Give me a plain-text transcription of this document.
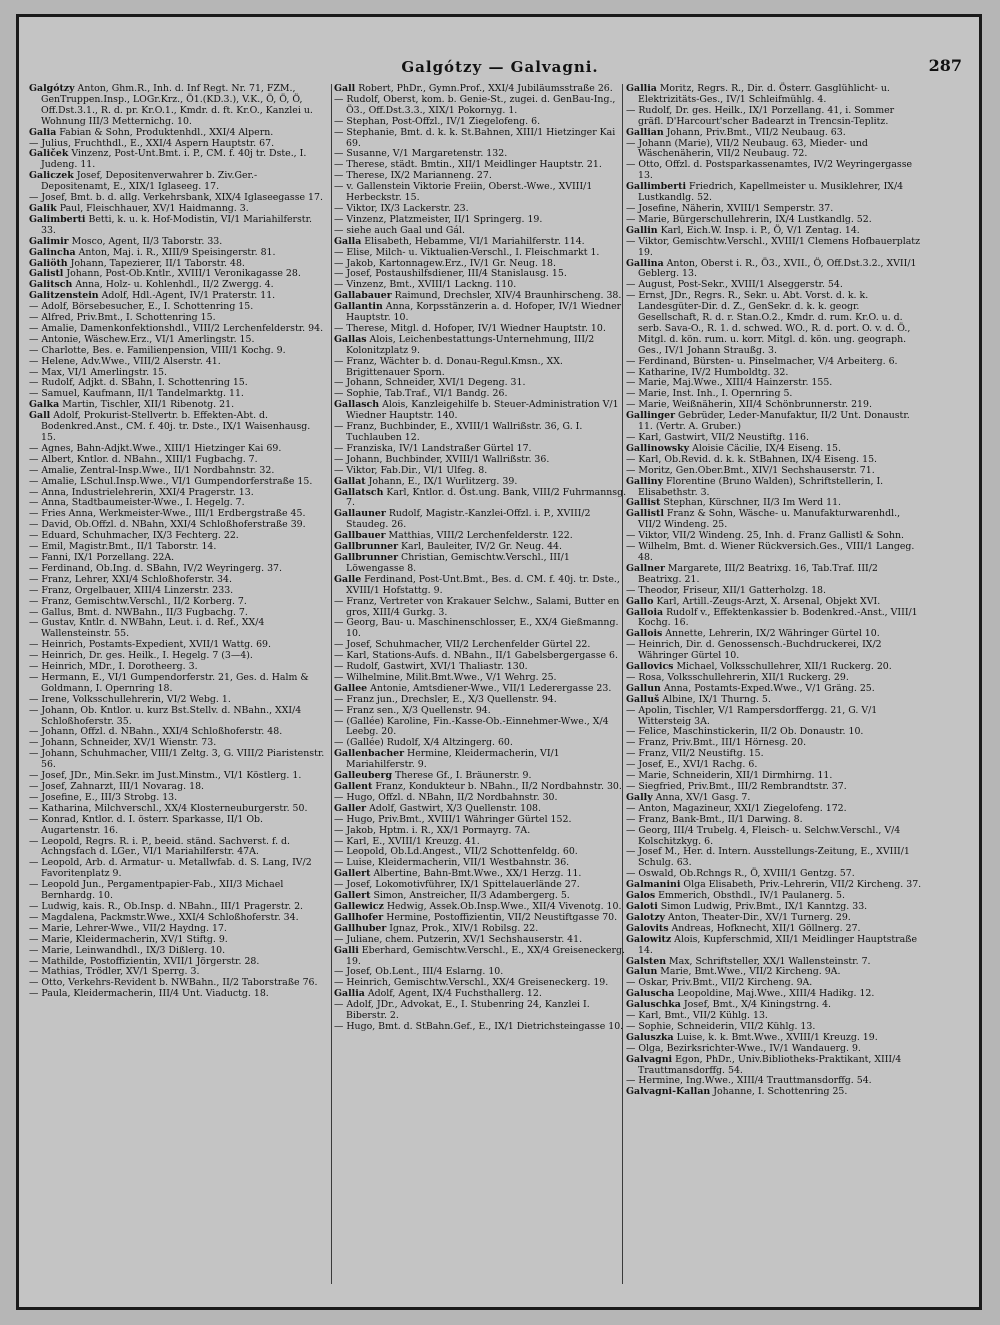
Galgótzy — Galvagni.	287

Galgótzy Anton, Ghm.R., Inh. d. Inf Regt. Nr. 71, FZM., GenTruppen.Insp., LOGr.Krz., Ö1.(KD.3.), V.K., Ö, Ö, Ö, Off.Dst.3.1., R. d. pr. Kr.O.1., Kmdr. d. ft. Kr.O., Kanzlei u. Wohnung III/3 Metternichg. 10.

Galia Fabian & Sohn, Produktenhdl., XXI/4 Alpern.

— Julius, Fruchthdl., E., XXI/4 Aspern Hauptstr. 67.

Galiček Vinzenz, Post-Unt.Bmt. i. P., CM. f. 40j tr. Dste., I. Judeng. 11.

Galiczek Josef, Depositenverwahrer b. Ziv.Ger.-Depositenamt, E., XIX/1 Iglaseeg. 17.

— Josef, Bmt. b. d. allg. Verkehrsbank, XIX/4 Iglaseegasse 17.

Galik Paul, Fleischhauer, XV/1 Haidmanng. 3.

Galimberti Betti, k. u. k. Hof-Modistin, VI/1 Mariahilferstr. 33.

Galimir Mosco, Agent, II/3 Taborstr. 33.

Galincha Anton, Maj. i. R., XIII/9 Speisingerstr. 81.

Galiöth Johann, Tapezierer, II/1 Taborstr. 48.

Galistl Johann, Post-Ob.Kntlr., XVIII/1 Veronikagasse 28.

Galitsch Anna, Holz- u. Kohlenhdl., II/2 Zwergg. 4.

Galitzenstein Adolf, Hdl.-Agent, IV/1 Praterstr. 11.

— Adolf, Börsebesucher, E., I. Schottenring 15.

— Alfred, Priv.Bmt., I. Schottenring 15.

— Amalie, Damenkonfektionshdl., VIII/2 Lerchenfelderstr. 94.

— Antonie, Wäschew.Erz., VI/1 Amerlingstr. 15.

— Charlotte, Bes. e. Familienpension, VIII/1 Kochg. 9.

— Helene, Adv.Wwe., VIII/2 Alserstr. 41.

— Max, VI/1 Amerlingstr. 15.

— Rudolf, Adjkt. d. SBahn, I. Schottenring 15.

— Samuel, Kaufmann, II/1 Tandelmarktg. 11.

Galka Martin, Tischler, XII/1 Ribenotg. 21.

Gall Adolf, Prokurist-Stellvertr. b. Effekten-Abt. d. Bodenkred.Anst., CM. f. 40j. tr. Dste., IX/1 Waisenhausg. 15.

— Agnes, Bahn-Adjkt.Wwe., XIII/1 Hietzinger Kai 69.

— Albert, Kntlor. d. NBahn., XIII/1 Fugbachg. 7.

— Amalie, Zentral-Insp.Wwe., II/1 Nordbahnstr. 32.

— Amalie, LSchul.Insp.Wwe., VI/1 Gumpendorferstraße 15.

— Anna, Industrielehrerin, XXI/4 Pragerstr. 13.

— Anna, Stadtbaumeister-Wwe., I. Hegelg. 7.

— Fries Anna, Werkmeister-Wwe., III/1 Erdbergstraße 45.

— David, Ob.Offzl. d. NBahn, XXI/4 Schloßhoferstraße 39.

— Eduard, Schuhmacher, IX/3 Fechterg. 22.

— Emil, Magistr.Bmt., II/1 Taborstr. 14.

— Fanni, IX/1 Porzellang. 22A.

— Ferdinand, Ob.Ing. d. SBahn, IV/2 Weyringerg. 37.

— Franz, Lehrer, XXI/4 Schloßhoferstr. 34.

— Franz, Orgelbauer, XIII/4 Linzerstr. 233.

— Franz, Gemischtw.Verschl., II/2 Korberg. 7.

— Gallus, Bmt. d. NWBahn., II/3 Fugbachg. 7.

— Gustav, Kntlr. d. NWBahn, Leut. i. d. Ref., XX/4 Wallensteinstr. 55.

— Heinrich, Postamts-Expedient, XVII/1 Wattg. 69.

— Heinrich, Dr. ges. Heilk., I. Hegelg. 7 (3—4).

— Heinrich, MDr., I. Dorotheerg. 3.

— Hermann, E., VI/1 Gumpendorferstr. 21, Ges. d. Halm & Goldmann, I. Opernring 18.

— Irene, Volksschullehrerin, VI/2 Webg. 1.

— Johann, Ob. Kntlor. u. kurz Bst.Stellv. d. NBahn., XXI/4 Schloßhoferstr. 35.

— Johann, Offzl. d. NBahn., XXI/4 Schloßhoferstr. 48.

— Johann, Schneider, XV/1 Wienstr. 73.

— Johann, Schuhmacher, VIII/1 Zeltg. 3, G. VIII/2 Piaristenstr. 56.

— Josef, JDr., Min.Sekr. im Just.Minstm., VI/1 Köstlerg. 1.

— Josef, Zahnarzt, III/1 Novarag. 18.

— Josefine, E., III/3 Strobg. 13.

— Katharina, Milchverschl., XX/4 Klosterneuburgerstr. 50.

— Konrad, Kntlor. d. I. österr. Sparkasse, II/1 Ob. Augartenstr. 16.

— Leopold, Regrs. R. i. P., beeid. ständ. Sachverst. f. d. Achngsfach d. LGer., VI/1 Mariahilferstr. 47A.

— Leopold, Arb. d. Armatur- u. Metallwfab. d. S. Lang, IV/2 Favoritenplatz 9.

— Leopold Jun., Pergamentpapier-Fab., XII/3 Michael Bernhardg. 10.

— Ludwig, kais. R., Ob.Insp. d. NBahn., III/1 Pragerstr. 2.

— Magdalena, Packmstr.Wwe., XXI/4 Schloßhoferstr. 34.

— Marie, Lehrer-Wwe., VII/2 Haydng. 17.

— Marie, Kleidermacherin, XV/1 Stiftg. 9.

— Marie, Leinwandhdl., IX/3 Dißlerg. 10.

— Mathilde, Postoffizientin, XVII/1 Jörgerstr. 28.

— Mathias, Trödler, XV/1 Sperrg. 3.

— Otto, Verkehrs-Revident b. NWBahn., II/2 Taborstraße 76.

— Paula, Kleidermacherin, III/4 Unt. Viaductg. 18.

Gall Robert, PhDr., Gymn.Prof., XXI/4 Jubiläumsstraße 26.

— Rudolf, Oberst, kom. b. Genie-St., zugei. d. GenBau-Ing., Ö3., Off.Dst.3.3., XIX/1 Pokornyg. 1.

— Stephan, Post-Offzl., IV/1 Ziegelofeng. 6.

— Stephanie, Bmt. d. k. k. St.Bahnen, XIII/1 Hietzinger Kai 69.

— Susanne, V/1 Margaretenstr. 132.

— Therese, städt. Bmtin., XII/1 Meidlinger Hauptstr. 21.

— Therese, IX/2 Marianneng. 27.

— v. Gallenstein Viktorie Freiin, Oberst.-Wwe., XVIII/1 Herbeckstr. 15.

— Viktor, IX/3 Lackerstr. 23.

— Vinzenz, Platzmeister, II/1 Springerg. 19.

— siehe auch Gaal und Gál.

Galla Elisabeth, Hebamme, VI/1 Mariahilferstr. 114.

— Elise, Milch- u. Viktualien-Verschl., I. Fleischmarkt 1.

— Jakob, Kartonnagew.Erz., IV/1 Gr. Neug. 18.

— Josef, Postaushilfsdiener, III/4 Stanislausg. 15.

— Vinzenz, Bmt., XVIII/1 Lackng. 110.

Gallabauer Raimund, Drechsler, XIV/4 Braunhirscheng. 38.

Gallantin Anna, Korpsstänzerin a. d. Hofoper, IV/1 Wiedner Hauptstr. 10.

— Therese, Mitgl. d. Hofoper, IV/1 Wiedner Hauptstr. 10.

Gallas Alois, Leichenbestattungs-Unternehmung, III/2 Kolonitzplatz 9.

— Franz, Wächter b. d. Donau-Regul.Kmsn., XX. Brigittenauer Sporn.

— Johann, Schneider, XVI/1 Degeng. 31.

— Sophie, Tab.Traf., VI/1 Bandg. 26.

Gallasch Alois, Kanzleigehilfe b. Steuer-Administration V/1 Wiedner Hauptstr. 140.

— Franz, Buchbinder, E., XVIII/1 Wallrißstr. 36, G. I. Tuchlauben 12.

— Franziska, IV/1 Landstraßer Gürtel 17.

— Johann, Buchbinder, XVIII/1 Wallrißstr. 36.

— Viktor, Fab.Dir., VI/1 Ulfeg. 8.

Gallat Johann, E., IX/1 Wurlitzerg. 39.

Gallatsch Karl, Kntlor. d. Öst.ung. Bank, VIII/2 Fuhrmannsg. 7.

Gallauner Rudolf, Magistr.-Kanzlei-Offzl. i. P., XVIII/2 Staudeg. 26.

Gallbauer Matthias, VIII/2 Lerchenfelderstr. 122.

Gallbrunner Karl, Bauleiter, IV/2 Gr. Neug. 44.

Gallbrunner Christian, Gemischtw.Verschl., III/1 Löwengasse 8.

Galle Ferdinand, Post-Unt.Bmt., Bes. d. CM. f. 40j. tr. Dste., XVIII/1 Hofstattg. 9.

— Franz, Vertreter von Krakauer Selchw., Salami, Butter en gros, XIII/4 Gurkg. 3.

— Georg, Bau- u. Maschinenschlosser, E., XX/4 Gießmanng. 10.

— Josef, Schuhmacher, VII/2 Lerchenfelder Gürtel 22.

— Karl, Stations-Aufs. d. NBahn., II/1 Gabelsbergergasse 6.

— Rudolf, Gastwirt, XVI/1 Thaliastr. 130.

— Wilhelmine, Milit.Bmt.Wwe., V/1 Wehrg. 25.

Gallee Antonie, Amtsdiener-Wwe., VII/1 Lederergasse 23.

— Franz jun., Drechsler, E., X/3 Quellenstr. 94.

— Franz sen., X/3 Quellenstr. 94.

— (Gallée) Karoline, Fin.-Kasse-Ob.-Einnehmer-Wwe., X/4 Leebg. 20.

— (Gallée) Rudolf, X/4 Altzingerg. 60.

Gallenbacher Hermine, Kleidermacherin, VI/1 Mariahilferstr. 9.

Galleuberg Therese Gf., I. Bräunerstr. 9.

Gallent Franz, Kondukteur b. NBahn., II/2 Nordbahnstr. 30.

— Hugo, Offzl. d. NBahn, II/2 Nordbahnstr. 30.

Galler Adolf, Gastwirt, X/3 Quellenstr. 108.

— Hugo, Priv.Bmt., XVIII/1 Währinger Gürtel 152.

— Jakob, Hptm. i. R., XX/1 Pormayrg. 7A.

— Karl, E., XVIII/1 Kreuzg. 41.

— Leopold, Ob.Ld.Angest., VII/2 Schottenfeldg. 60.

— Luise, Kleidermacherin, VII/1 Westbahnstr. 36.

Gallert Albertine, Bahn-Bmt.Wwe., XX/1 Herzg. 11.

— Josef, Lokomotivführer, IX/1 Spittelauerlände 27.

Gallert Simon, Anstreicher, II/3 Adambergerg. 5.

Gallewicz Hedwig, Assek.Ob.Insp.Wwe., XII/4 Vivenotg. 10.

Gallhofer Hermine, Postoffizientin, VII/2 Neustiftgasse 70.

Gallhuber Ignaz, Prok., XIV/1 Robilsg. 22.

— Juliane, chem. Putzerin, XV/1 Sechshauserstr. 41.

Galli Eberhard, Gemischtw.Verschl., E., XX/4 Greiseneckerg. 19.

— Josef, Ob.Lent., III/4 Eslarng. 10.

— Heinrich, Gemischtw.Verschl., XX/4 Greiseneckerg. 19.

Gallia Adolf, Agent, IX/4 Fuchsthallerg. 12.

— Adolf, JDr., Advokat, E., I. Stubenring 24, Kanzlei I. Biberstr. 2.

— Hugo, Bmt. d. StBahn.Gef., E., IX/1 Dietrichsteingasse 10.

Gallia Moritz, Regrs. R., Dir. d. Österr. Gasglühlicht- u. Elektrizitäts-Ges., IV/1 Schleifmühlg. 4.

— Rudolf, Dr. ges. Heilk., IX/1 Porzellang. 41, i. Sommer gräfl. D'Harcourt'scher Badearzt in Trencsin-Teplitz.

Gallian Johann, Priv.Bmt., VII/2 Neubaug. 63.

— Johann (Marie), VII/2 Neubaug. 63, Mieder- und Wäschenäherin, VII/2 Neubaug. 72.

— Otto, Offzl. d. Postsparkassenamtes, IV/2 Weyringergasse 13.

Gallimberti Friedrich, Kapellmeister u. Musiklehrer, IX/4 Lustkandlg. 52.

— Josefine, Näherin, XVIII/1 Semperstr. 37.

— Marie, Bürgerschullehrerin, IX/4 Lustkandlg. 52.

Gallin Karl, Eich.W. Insp. i. P., Ö, V/1 Zentag. 14.

— Viktor, Gemischtw.Verschl., XVIII/1 Clemens Hofbauerplatz 19.

Gallina Anton, Oberst i. R., Ö3., XVII., Ö, Off.Dst.3.2., XVII/1 Geblerg. 13.

— August, Post-Sekr., XVIII/1 Alseggerstr. 54.

— Ernst, JDr., Regrs. R., Sekr. u. Abt. Vorst. d. k. k. Landesgüter-Dir. d. Z., GenSekr. d. k. k. geogr. Gesellschaft, R. d. r. Stan.O.2., Kmdr. d. rum. Kr.O. u. d. serb. Sava-O., R. 1. d. schwed. WO., R. d. port. O. v. d. Ö., Mitgl. d. kön. rum. u. korr. Mitgl. d. kön. ung. geograph. Ges., IV/1 Johann Straußg. 3.

— Ferdinand, Bürsten- u. Pinselmacher, V/4 Arbeiterg. 6.

— Katharine, IV/2 Humboldtg. 32.

— Marie, Maj.Wwe., XIII/4 Hainzerstr. 155.

— Marie, Inst. Inh., I. Opernring 5.

— Marie, Weißnäherin, XII/4 Schönbrunnerstr. 219.

Gallinger Gebrüder, Leder-Manufaktur, II/2 Unt. Donaustr. 11. (Vertr. A. Gruber.)

— Karl, Gastwirt, VII/2 Neustiftg. 116.

Gallinowsky Aloisie Cäcilie, IX/4 Eiseng. 15.

— Karl, Ob.Revid. d. k. k. StBahnen, IX/4 Eiseng. 15.

— Moritz, Gen.Ober.Bmt., XIV/1 Sechshauserstr. 71.

Galliny Florentine (Bruno Walden), Schriftstellerin, I. Elisabethstr. 3.

Gallist Stephan, Kürschner, II/3 Im Werd 11.

Gallistl Franz & Sohn, Wäsche- u. Manufakturwarenhdl., VII/2 Windeng. 25.

— Viktor, VII/2 Windeng. 25, Inh. d. Franz Gallistl & Sohn.

— Wilhelm, Bmt. d. Wiener Rückversich.Ges., VIII/1 Langeg. 48.

Gallner Margarete, III/2 Beatrixg. 16, Tab.Traf. III/2 Beatrixg. 21.

— Theodor, Friseur, XII/1 Gatterholzg. 18.

Gallo Karl, Artill.-Zeugs-Arzt, X. Arsenal, Objekt XVI.

Galloia Rudolf v., Effektenkassier b. Bodenkred.-Anst., VIII/1 Kochg. 16.

Gallois Annette, Lehrerin, IX/2 Währinger Gürtel 10.

— Heinrich, Dir. d. Genossensch.-Buchdruckerei, IX/2 Währinger Gürtel 10.

Gallovics Michael, Volksschullehrer, XII/1 Ruckerg. 20.

— Rosa, Volksschullehrerin, XII/1 Ruckerg. 29.

Gallun Anna, Postamts-Exped.Wwe., V/1 Gräng. 25.

Galluš Albine, IX/1 Thurng. 5.

— Apolin, Tischler, V/1 Rampersdorffergg. 21, G. V/1 Wittersteig 3A.

— Felice, Maschinstickerin, II/2 Ob. Donaustr. 10.

— Franz, Priv.Bmt., III/1 Hörnesg. 20.

— Franz, VII/2 Neustiftg. 15.

— Josef, E., XVI/1 Rachg. 6.

— Marie, Schneiderin, XII/1 Dirmhirng. 11.

— Siegfried, Priv.Bmt., III/2 Rembrandtstr. 37.

Gally Anna, XV/1 Gasg. 7.

— Anton, Magazineur, XXI/1 Ziegelofeng. 172.

— Franz, Bank-Bmt., II/1 Darwing. 8.

— Georg, III/4 Trubelg. 4, Fleisch- u. Selchw.Verschl., V/4 Kolschitzkyg. 6.

— Josef M., Her. d. Intern. Ausstellungs-Zeitung, E., XVIII/1 Schulg. 63.

— Oswald, Ob.Rchngs R., Ö, XVIII/1 Gentzg. 57.

Galmanini Olga Elisabeth, Priv.-Lehrerin, VII/2 Kircheng. 37.

Galos Emmerich, Obsthdl., IV/1 Paulanerg. 5.

Galoti Simon Ludwig, Priv.Bmt., IX/1 Kanntzg. 33.

Galotzy Anton, Theater-Dir., XV/1 Turnerg. 29.

Galovits Andreas, Hofknecht, XII/1 Göllnerg. 27.

Galowitz Alois, Kupferschmid, XII/1 Meidlinger Hauptstraße 14.

Galsten Max, Schriftsteller, XX/1 Wallensteinstr. 7.

Galun Marie, Bmt.Wwe., VII/2 Kircheng. 9A.

— Oskar, Priv.Bmt., VII/2 Kircheng. 9A.

Galuscha Leopoldine, Maj.Wwe., XIII/4 Hadikg. 12.

Galuschka Josef, Bmt., X/4 Kiningstrng. 4.

— Karl, Bmt., VII/2 Kühlg. 13.

— Sophie, Schneiderin, VII/2 Kühlg. 13.

Galuszka Luise, k. k. Bmt.Wwe., XVIII/1 Kreuzg. 19.

— Olga, Bezirksrichter-Wwe., IV/1 Wandauerg. 9.

Galvagni Egon, PhDr., Univ.Bibliotheks-Praktikant, XIII/4 Trauttmansdorffg. 54.

— Hermine, Ing.Wwe., XIII/4 Trauttmansdorffg. 54.

Galvagni-Kallan Johanne, I. Schottenring 25.
